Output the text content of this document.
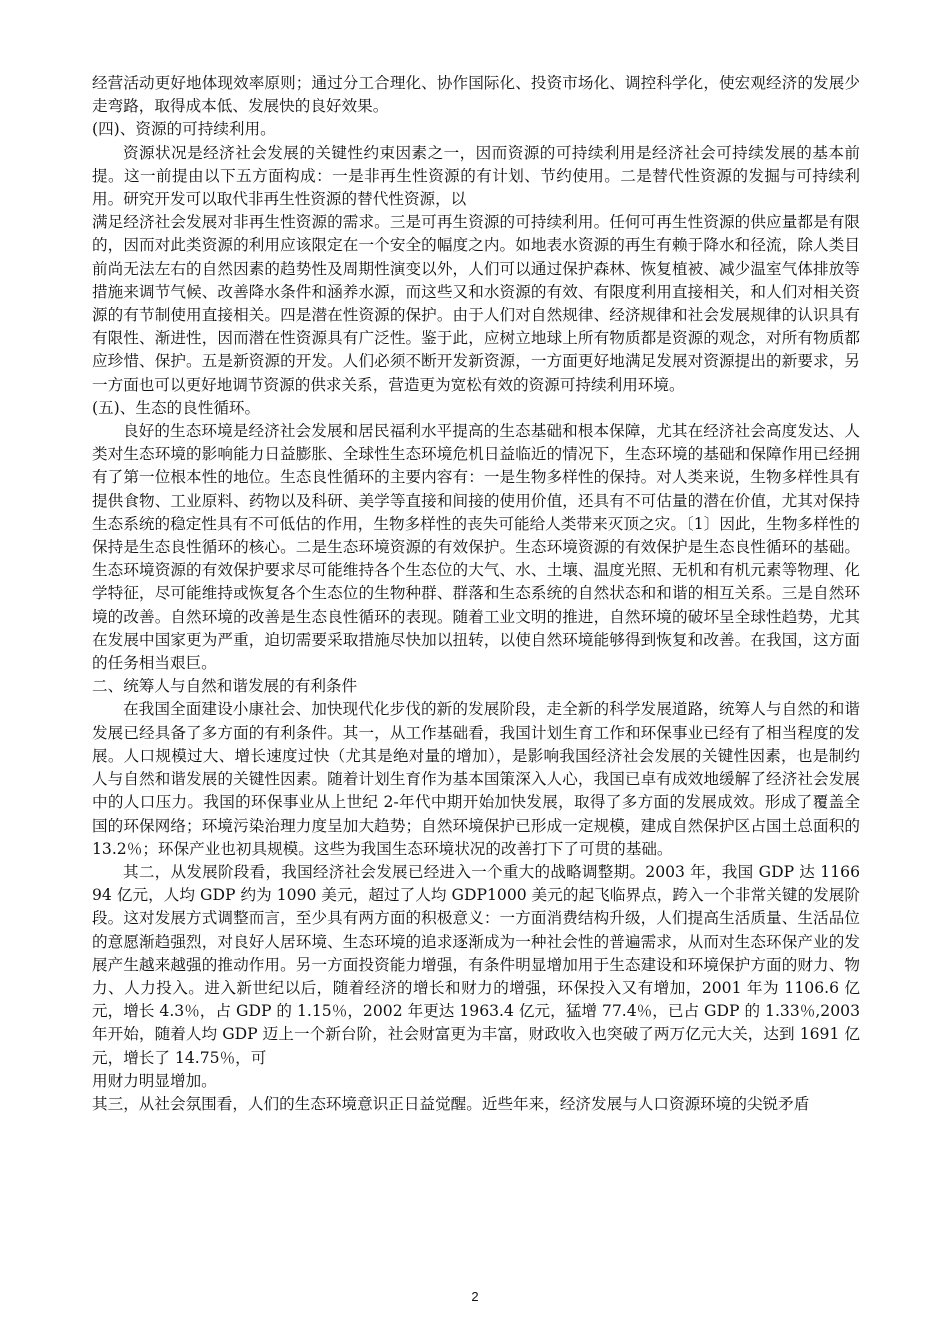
经营活动更好地体现效率原则；通过分工合理化、协作国际化、投资市场化、调控科学化，使宏观经济的发展少走弯路，取得成本低、发展快的良好效果。

(四)、资源的可持续利用。

资源状况是经济社会发展的关键性约束因素之一，因而资源的可持续利用是经济社会可持续发展的基本前提。这一前提由以下五方面构成：一是非再生性资源的有计划、节约使用。二是替代性资源的发掘与可持续利用。研究开发可以取代非再生性资源的替代性资源，以

满足经济社会发展对非再生性资源的需求。三是可再生资源的可持续利用。任何可再生性资源的供应量都是有限的，因而对此类资源的利用应该限定在一个安全的幅度之内。如地表水资源的再生有赖于降水和径流，除人类目前尚无法左右的自然因素的趋势性及周期性演变以外，人们可以通过保护森林、恢复植被、减少温室气体排放等措施来调节气候、改善降水条件和涵养水源，而这些又和水资源的有效、有限度利用直接相关，和人们对相关资源的有节制使用直接相关。四是潜在性资源的保护。由于人们对自然规律、经济规律和社会发展规律的认识具有有限性、渐进性，因而潜在性资源具有广泛性。鉴于此，应树立地球上所有物质都是资源的观念，对所有物质都应珍惜、保护。五是新资源的开发。人们必须不断开发新资源，一方面更好地满足发展对资源提出的新要求，另一方面也可以更好地调节资源的供求关系，营造更为宽松有效的资源可持续利用环境。

(五)、生态的良性循环。

良好的生态环境是经济社会发展和居民福利水平提高的生态基础和根本保障，尤其在经济社会高度发达、人类对生态环境的影响能力日益膨胀、全球性生态环境危机日益临近的情况下，生态环境的基础和保障作用已经拥有了第一位根本性的地位。生态良性循环的主要内容有：一是生物多样性的保持。对人类来说，生物多样性具有提供食物、工业原料、药物以及科研、美学等直接和间接的使用价值，还具有不可估量的潜在价值，尤其对保持生态系统的稳定性具有不可低估的作用，生物多样性的丧失可能给人类带来灭顶之灾。〔1〕因此，生物多样性的保持是生态良性循环的核心。二是生态环境资源的有效保护。生态环境资源的有效保护是生态良性循环的基础。生态环境资源的有效保护要求尽可能维持各个生态位的大气、水、土壤、温度光照、无机和有机元素等物理、化学特征，尽可能维持或恢复各个生态位的生物种群、群落和生态系统的自然状态和和谐的相互关系。三是自然环境的改善。自然环境的改善是生态良性循环的表现。随着工业文明的推进，自然环境的破坏呈全球性趋势，尤其在发展中国家更为严重，迫切需要采取措施尽快加以扭转，以使自然环境能够得到恢复和改善。在我国，这方面的任务相当艰巨。

二、统筹人与自然和谐发展的有利条件

在我国全面建设小康社会、加快现代化步伐的新的发展阶段，走全新的科学发展道路，统筹人与自然的和谐发展已经具备了多方面的有利条件。其一，从工作基础看，我国计划生育工作和环保事业已经有了相当程度的发展。人口规模过大、增长速度过快（尤其是绝对量的增加），是影响我国经济社会发展的关键性因素，也是制约人与自然和谐发展的关键性因素。随着计划生育作为基本国策深入人心，我国已卓有成效地缓解了经济社会发展中的人口压力。我国的环保事业从上世纪 2-年代中期开始加快发展，取得了多方面的发展成效。形成了覆盖全国的环保网络；环境污染治理力度呈加大趋势；自然环境保护已形成一定规模，建成自然保护区占国土总面积的 13.2％；环保产业也初具规模。这些为我国生态环境状况的改善打下了可贯的基础。

其二，从发展阶段看，我国经济社会发展已经进入一个重大的战略调整期。2003 年，我国 GDP 达 116694 亿元，人均 GDP 约为 1090 美元，超过了人均 GDP1000 美元的起飞临界点，跨入一个非常关键的发展阶段。这对发展方式调整而言，至少具有两方面的积极意义：一方面消费结构升级，人们提高生活质量、生活品位的意愿渐趋强烈，对良好人居环境、生态环境的追求逐渐成为一种社会性的普遍需求，从而对生态环保产业的发展产生越来越强的推动作用。另一方面投资能力增强，有条件明显增加用于生态建设和环境保护方面的财力、物力、人力投入。进入新世纪以后，随着经济的增长和财力的增强，环保投入又有增加，2001 年为 1106.6 亿元，增长 4.3％，占 GDP 的 1.15％，2002 年更达 1963.4 亿元，猛增 77.4％，已占 GDP 的 1.33％,2003 年开始，随着人均 GDP 迈上一个新台阶，社会财富更为丰富，财政收入也突破了两万亿元大关，达到 1691 亿元，增长了 14.75％，可

用财力明显增加。

其三，从社会氛围看，人们的生态环境意识正日益觉醒。近些年来，经济发展与人口资源环境的尖锐矛盾

2
